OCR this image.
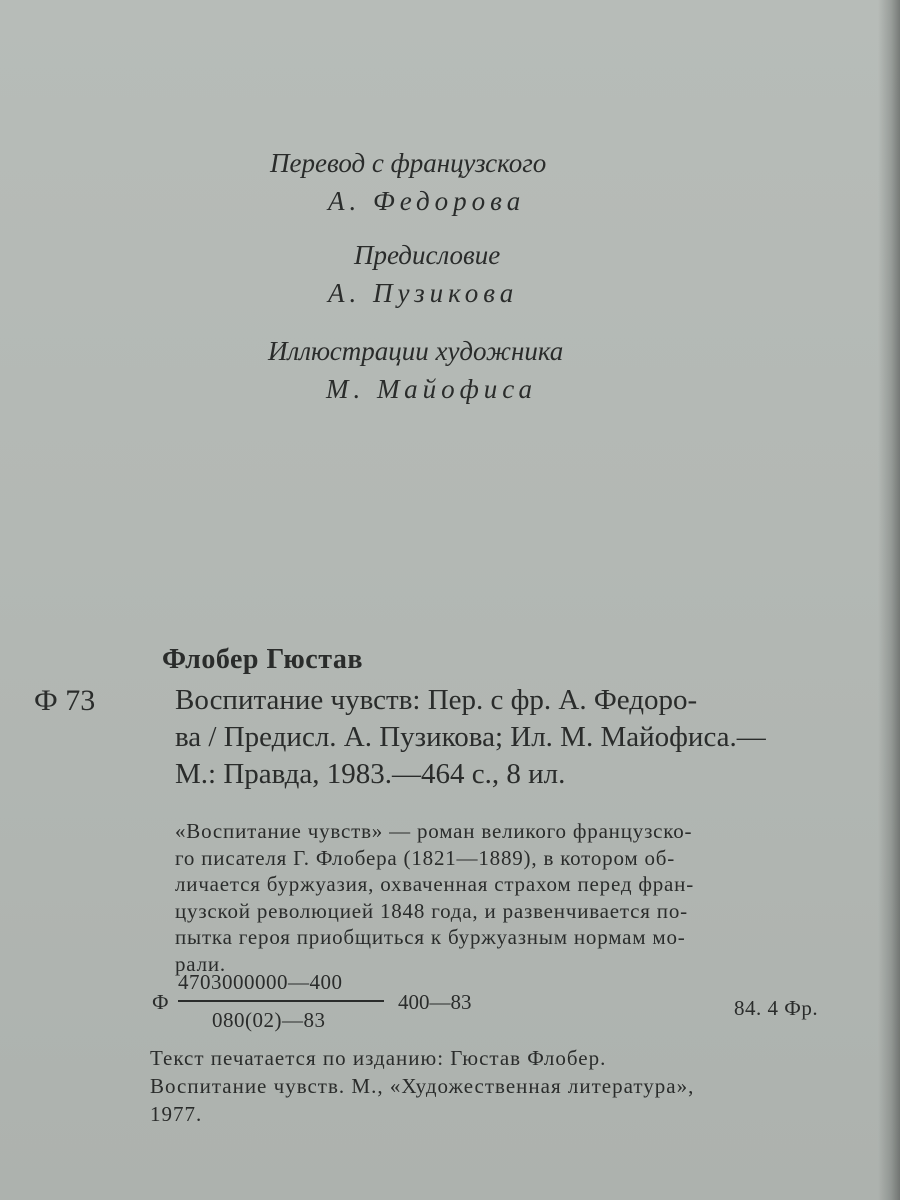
Перевод с французского
А. Федорова
Предисловие
А. Пузикова
Иллюстрации художника
М. Майофиса
Флобер Гюстав
Ф 73	Воспитание чувств: Пер. с фр. А. Федоро-
ва / Предисл. А. Пузикова; Ил. М. Майофиса.—
М.: Правда, 1983.—464 с., 8 ил.
«Воспитание чувств» — роман великого французско-
го писателя Г. Флобера (1821—1889), в котором об-
личается буржуазия, охваченная страхом перед фран-
цузской революцией 1848 года, и развенчивается по-
пытка героя приобщиться к буржуазным нормам мо-
рали.
Ф
4703000000—400
080(02)—83
400—83	84. 4 Фр.
Текст печатается по изданию: Гюстав Флобер.
Воспитание чувств. М., «Художественная литература»,
1977.
